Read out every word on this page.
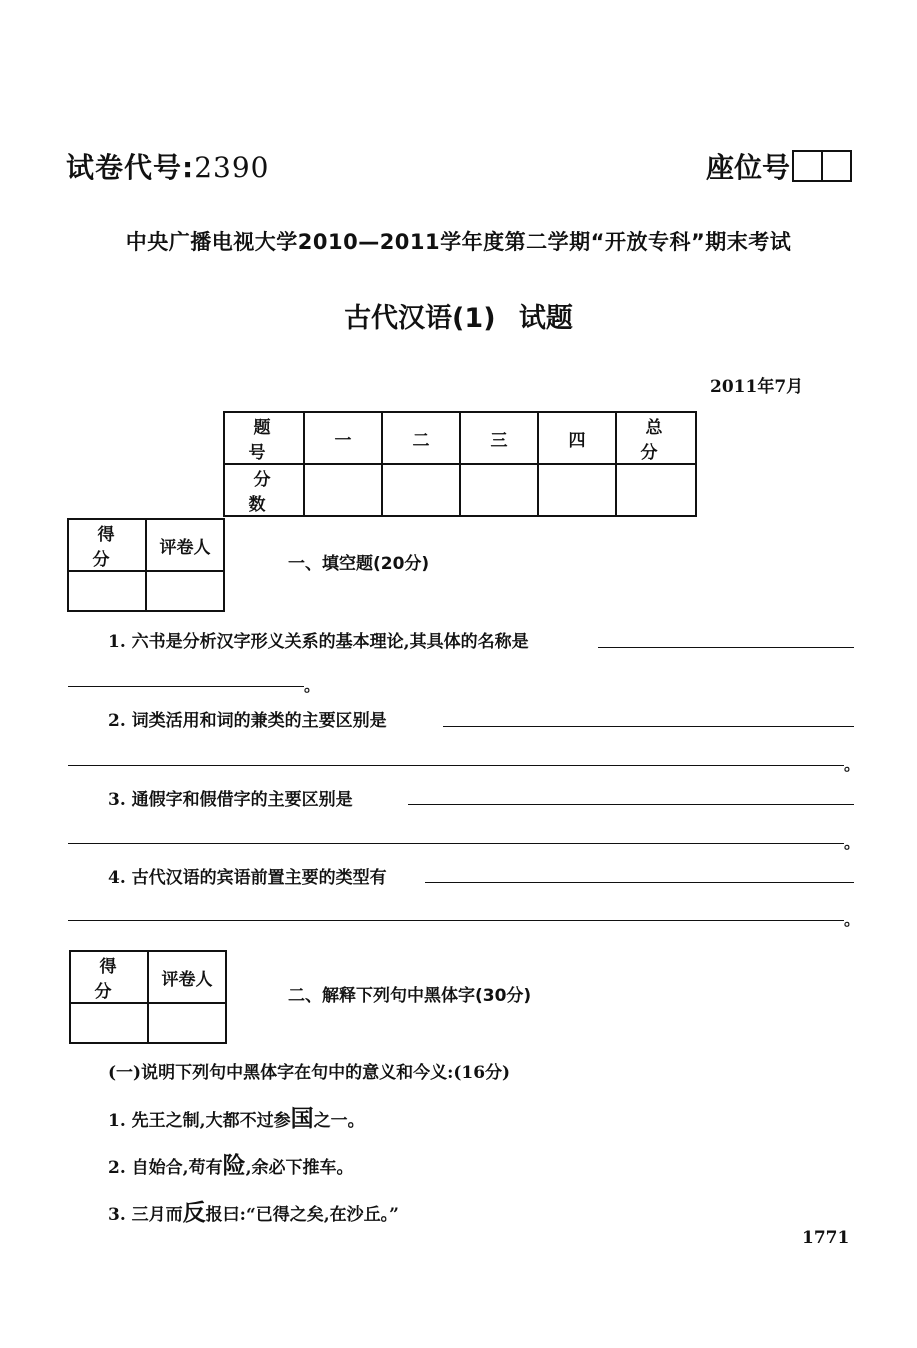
试卷代号:2390	座位号
中央广播电视大学2010—2011学年度第二学期“开放专科”期末考试
古代汉语(1) 试题
2011年7月
题 号	一	二	三	四	总 分
分 数					
得 分	评卷人

一、填空题(20分)
1. 六书是分析汉字形义关系的基本理论,其具体的名称是
。
2. 词类活用和词的兼类的主要区别是
。
3. 通假字和假借字的主要区别是
。
4. 古代汉语的宾语前置主要的类型有
。
得 分	评卷人

二、解释下列句中黑体字(30分)
(一)说明下列句中黑体字在句中的意义和今义:(16分)
1. 先王之制,大都不过参国之一。
2. 自始合,苟有险,余必下推车。
3. 三月而反报曰:“已得之矣,在沙丘。”
1771
